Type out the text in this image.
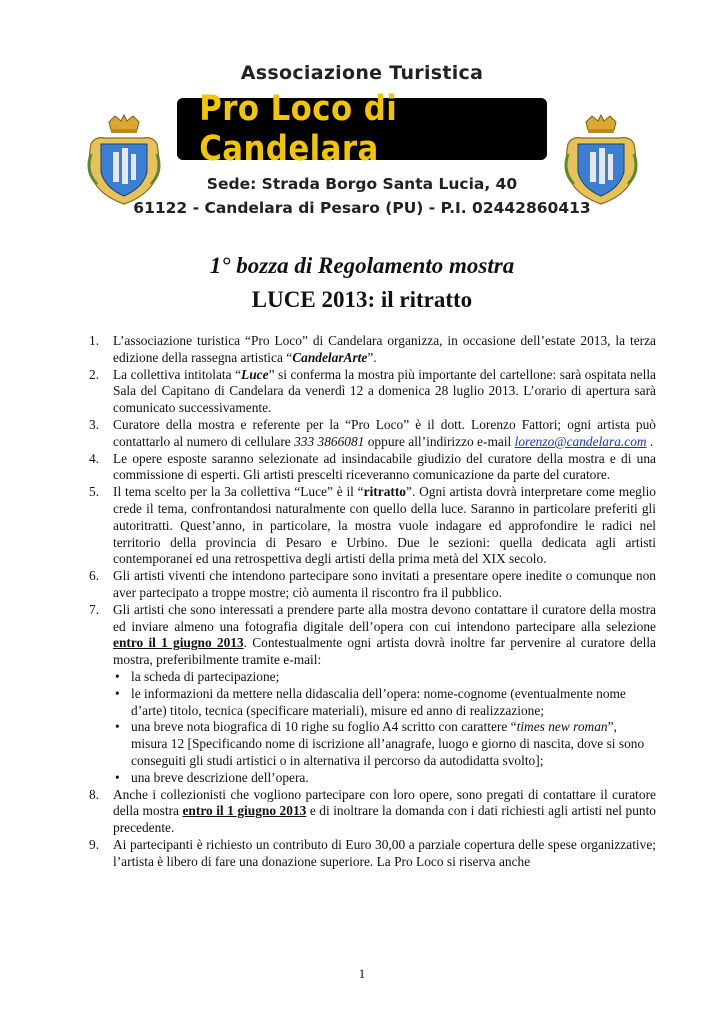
Associazione Turistica
Pro Loco di Candelara
Sede: Strada Borgo Santa Lucia, 40
61122 - Candelara di Pesaro (PU) - P.I. 02442860413
1° bozza di Regolamento mostra
LUCE 2013: il ritratto
1. L’associazione turistica “Pro Loco” di Candelara organizza, in occasione dell’estate 2013, la terza edizione della rassegna artistica “CandelarArte”.
2. La collettiva intitolata “Luce” si conferma la mostra più importante del cartellone: sarà ospitata nella Sala del Capitano di Candelara da venerdì 12 a domenica 28 luglio 2013. L’orario di apertura sarà comunicato successivamente.
3. Curatore della mostra e referente per la “Pro Loco” è il dott. Lorenzo Fattori; ogni artista può contattarlo al numero di cellulare 333 3866081 oppure all’indirizzo e-mail lorenzo@candelara.com .
4. Le opere esposte saranno selezionate ad insindacabile giudizio del curatore della mostra e di una commissione di esperti. Gli artisti prescelti riceveranno comunicazione da parte del curatore.
5. Il tema scelto per la 3a collettiva “Luce” è il “ritratto”. Ogni artista dovrà interpretare come meglio crede il tema, confrontandosi naturalmente con quello della luce. Saranno in particolare preferiti gli autoritratti. Quest’anno, in particolare, la mostra vuole indagare ed approfondire le radici nel territorio della provincia di Pesaro e Urbino. Due le sezioni: quella dedicata agli artisti contemporanei ed una retrospettiva degli artisti della prima metà del XIX secolo.
6. Gli artisti viventi che intendono partecipare sono invitati a presentare opere inedite o comunque non aver partecipato a troppe mostre; ciò aumenta il riscontro fra il pubblico.
7. Gli artisti che sono interessati a prendere parte alla mostra devono contattare il curatore della mostra ed inviare almeno una fotografia digitale dell’opera con cui intendono partecipare alla selezione entro il 1 giugno 2013. Contestualmente ogni artista dovrà inoltre far pervenire al curatore della mostra, preferibilmente tramite e-mail:
• la scheda di partecipazione;
• le informazioni da mettere nella didascalia dell’opera: nome-cognome (eventualmente nome d’arte) titolo, tecnica (specificare materiali), misure ed anno di realizzazione;
• una breve nota biografica di 10 righe su foglio A4 scritto con carattere “times new roman”, misura 12 [Specificando nome di iscrizione all’anagrafe, luogo e giorno di nascita, dove si sono conseguiti gli studi artistici o in alternativa il percorso da autodidatta svolto];
• una breve descrizione dell’opera.
8. Anche i collezionisti che vogliono partecipare con loro opere, sono pregati di contattare il curatore della mostra entro il 1 giugno 2013 e di inoltrare la domanda con i dati richiesti agli artisti nel punto precedente.
9. Ai partecipanti è richiesto un contributo di Euro 30,00 a parziale copertura delle spese organizzative; l’artista è libero di fare una donazione superiore. La Pro Loco si riserva anche
1
